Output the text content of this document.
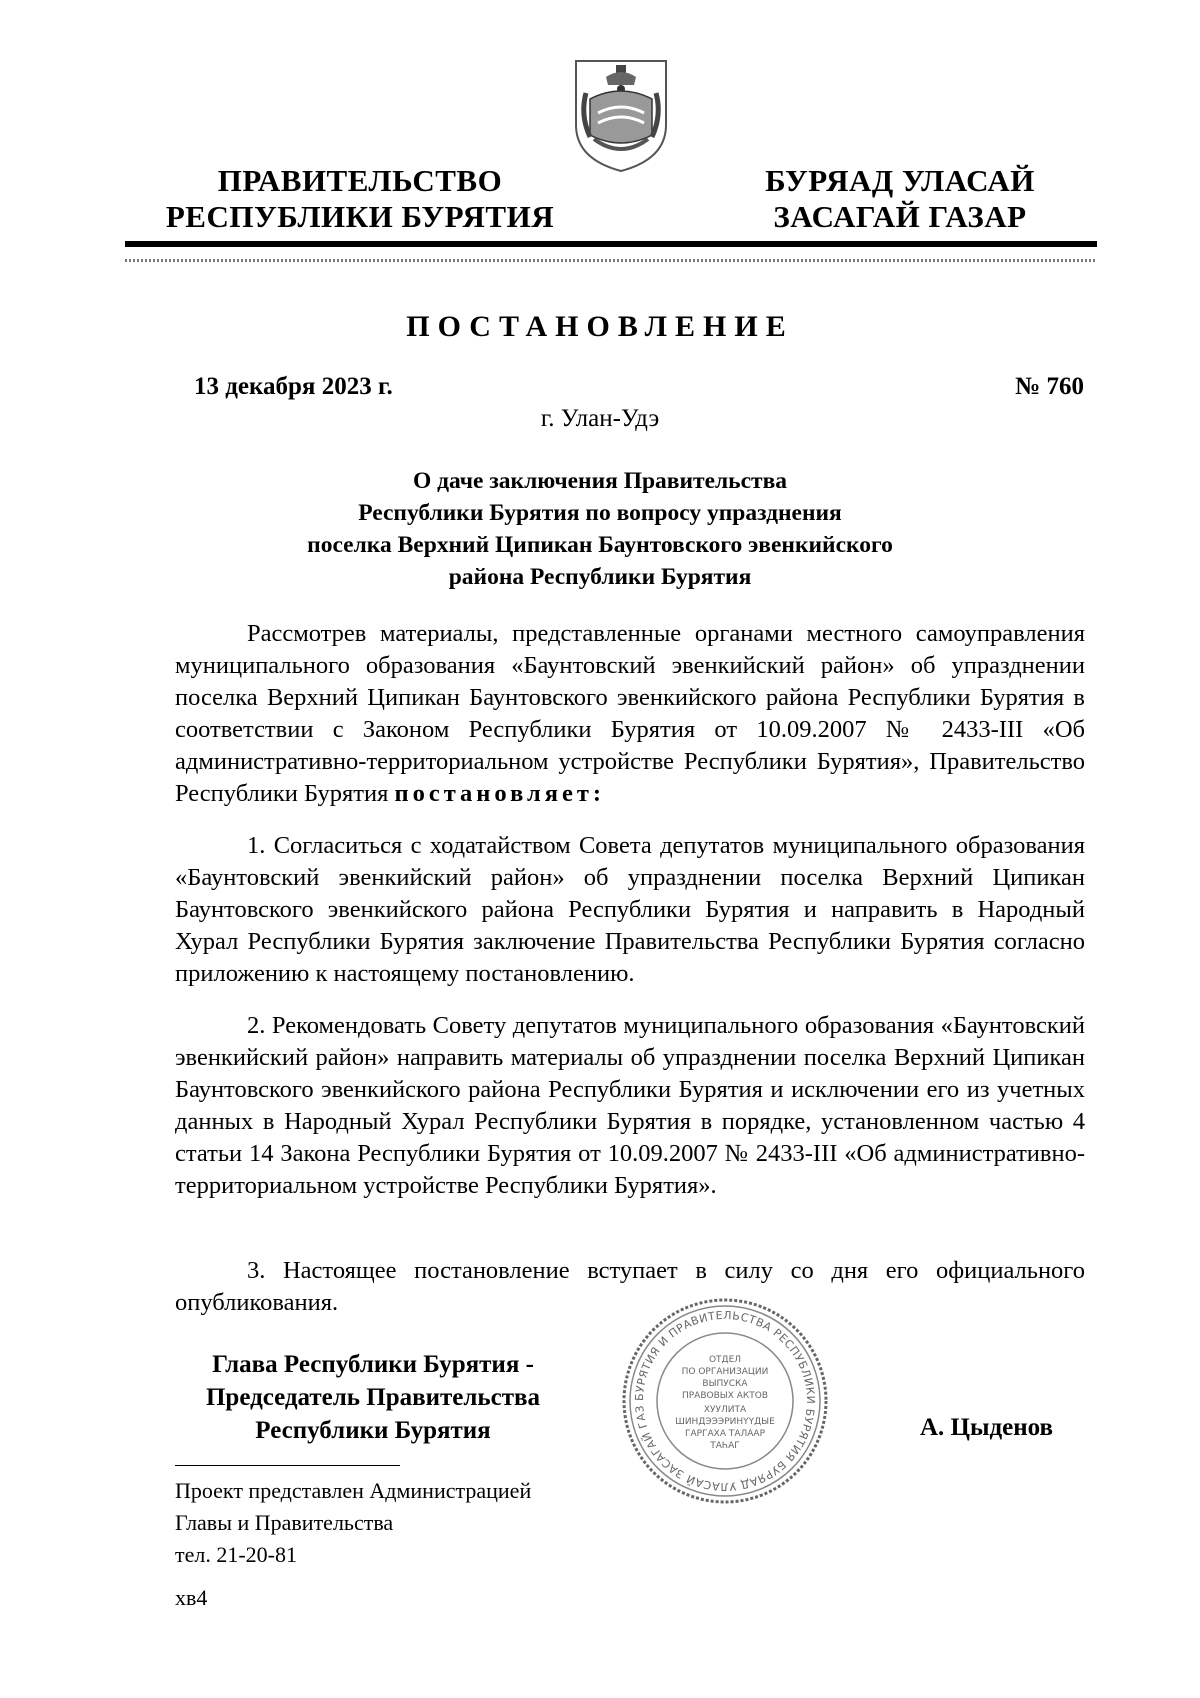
ПРАВИТЕЛЬСТВО
РЕСПУБЛИКИ БУРЯТИЯ
БУРЯАД УЛАСАЙ
ЗАСАГАЙ ГАЗАР
ПОСТАНОВЛЕНИЕ
13 декабря 2023 г.	№ 760
г. Улан-Удэ
О даче заключения Правительства
Республики Бурятия по вопросу упразднения
поселка Верхний Ципикан Баунтовского эвенкийского
района Республики Бурятия
Рассмотрев материалы, представленные органами местного самоуправления муниципального образования «Баунтовский эвенкийский район» об упразднении поселка Верхний Ципикан Баунтовского эвенкийского района Республики Бурятия в соответствии с Законом Республики Бурятия от 10.09.2007 № 2433-III «Об административно-территориальном устройстве Республики Бурятия», Правительство Республики Бурятия постановляет:
1. Согласиться с ходатайством Совета депутатов муниципального образования «Баунтовский эвенкийский район» об упразднении поселка Верхний Ципикан Баунтовского эвенкийского района Республики Бурятия и направить в Народный Хурал Республики Бурятия заключение Правительства Республики Бурятия согласно приложению к настоящему постановлению.
2. Рекомендовать Совету депутатов муниципального образования «Баунтовский эвенкийский район» направить материалы об упразднении поселка Верхний Ципикан Баунтовского эвенкийского района Республики Бурятия и исключении его из учетных данных в Народный Хурал Республики Бурятия в порядке, установленном частью 4 статьи 14 Закона Республики Бурятия от 10.09.2007 № 2433-III «Об административно-территориальном устройстве Республики Бурятия».
3. Настоящее постановление вступает в силу со дня его официального опубликования.
Глава Республики Бурятия -
Председатель Правительства
Республики Бурятия	А. Цыденов
БУРЯТИЯ И ПРАВИТЕЛЬСТВА РЕСПУБЛИКИ БУРЯТИЯ БУРЯАД УЛАСАЙ ЗАСАГАЙ ГАЗ
ОТДЕЛ
ПО ОРГАНИЗАЦИИ
ВЫПУСКА
ПРАВОВЫХ АКТОВ
ХУУЛИТА
ШИНДЭЭЭРИНҮҮДЫЕ
ГАРГАХА ТАЛААР
ТАҺАГ
Проект представлен Администрацией
Главы и Правительства
тел. 21-20-81
хв4
